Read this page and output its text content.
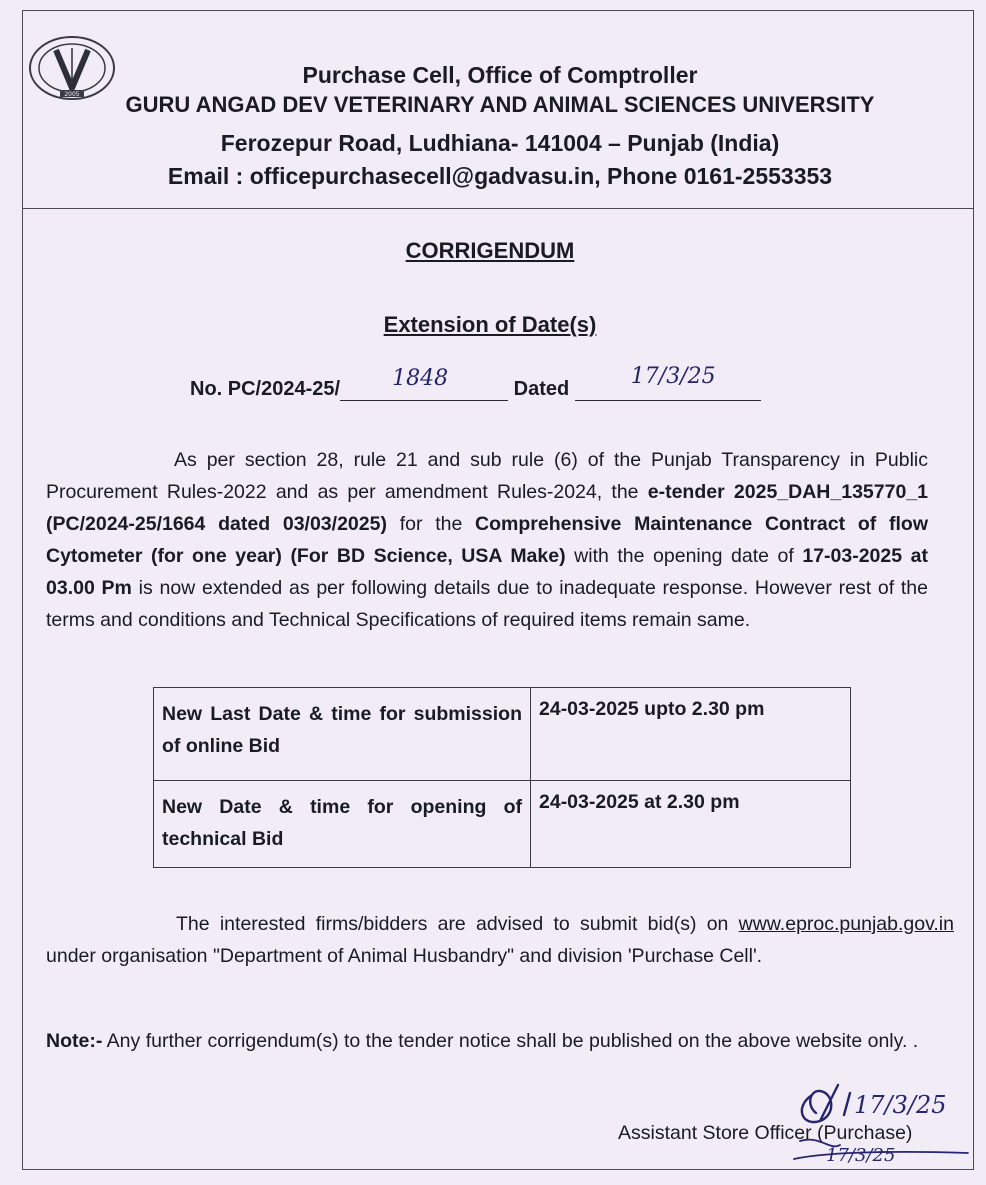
2005
Purchase Cell, Office of Comptroller
GURU ANGAD DEV VETERINARY AND ANIMAL SCIENCES UNIVERSITY
Ferozepur Road, Ludhiana- 141004 – Punjab (India)
Email : officepurchasecell@gadvasu.in, Phone 0161-2553353
CORRIGENDUM
Extension of Date(s)
No. PC/2024-25/ 1848	Dated	17/3/25

As per section 28, rule 21 and sub rule (6) of the Punjab Transparency in Public Procurement Rules-2022 and as per amendment Rules-2024, the e-tender 2025_DAH_135770_1 (PC/2024-25/1664 dated 03/03/2025) for the Comprehensive Maintenance Contract of flow Cytometer (for one year) (For BD Science, USA Make) with the opening date of 17-03-2025 at 03.00 Pm is now extended as per following details due to inadequate response. However rest of the terms and conditions and Technical Specifications of required items remain same.

New Last Date & time for submission of online Bid	24-03-2025 upto 2.30 pm
New Date & time for opening of technical Bid	24-03-2025 at 2.30 pm

The interested firms/bidders are advised to submit bid(s) on www.eproc.punjab.gov.in under organisation "Department of Animal Husbandry" and division 'Purchase Cell'.

Note:- Any further corrigendum(s) to the tender notice shall be published on the above website only. .

Assistant Store Officer (Purchase)
17/3/25
17/3/25
